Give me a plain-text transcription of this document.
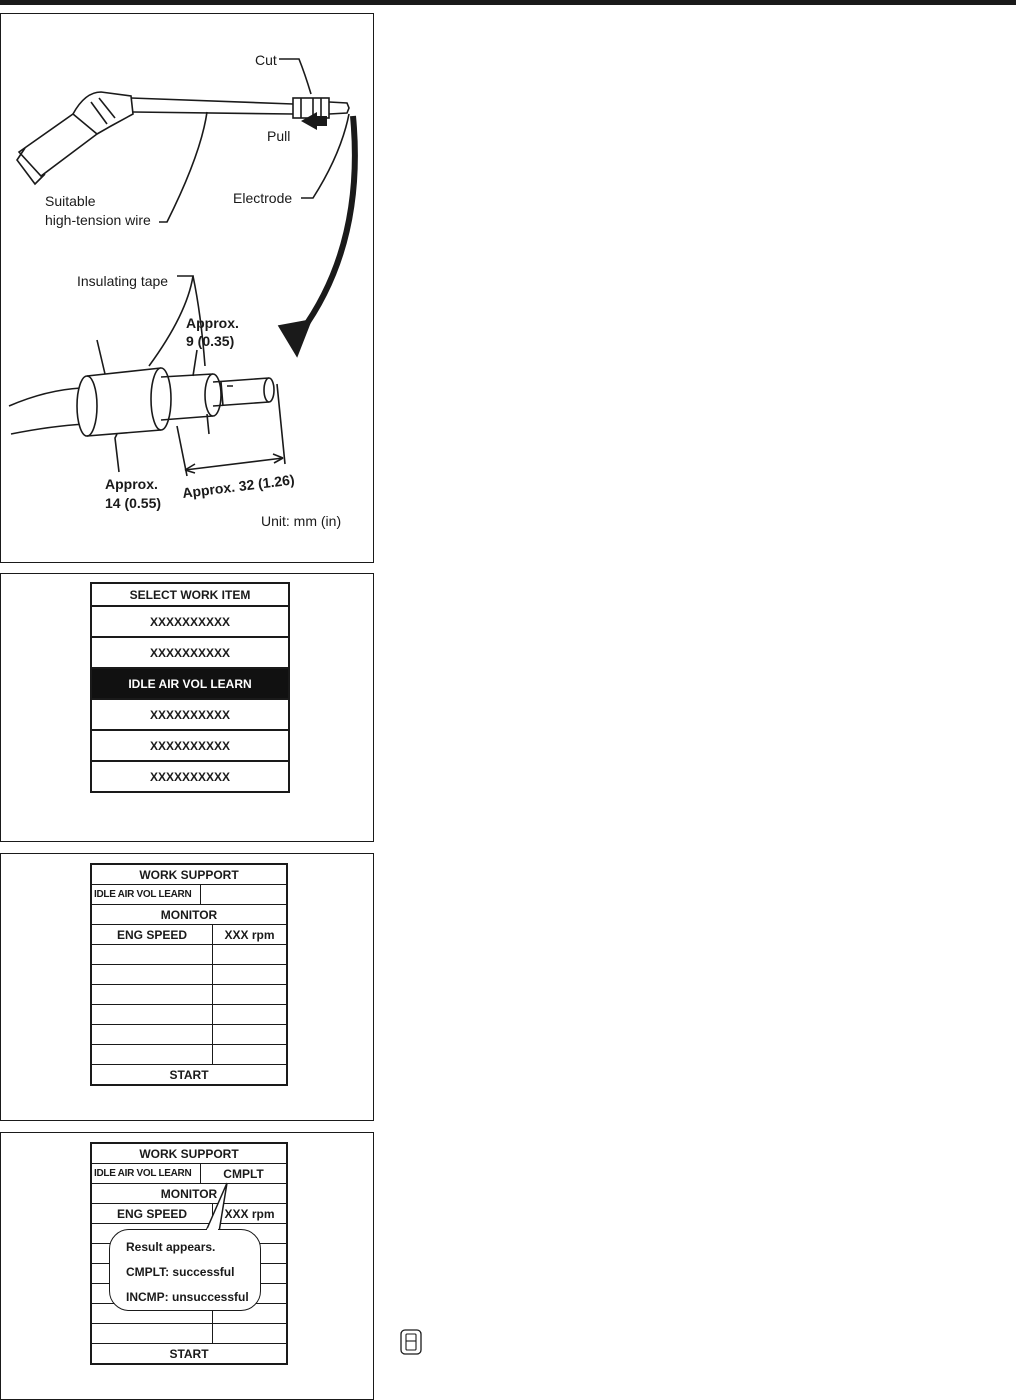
Cut
Pull
Suitable
high-tension wire
Electrode
Insulating tape
Approx.
9 (0.35)
Approx.
14 (0.55)
Approx. 32 (1.26)
Unit: mm (in)
SELECT WORK ITEM
XXXXXXXXXX
XXXXXXXXXX
IDLE AIR VOL LEARN
XXXXXXXXXX
XXXXXXXXXX
XXXXXXXXXX
WORK SUPPORT
IDLE AIR VOL LEARN
MONITOR
ENG SPEED	XXX rpm
START
WORK SUPPORT
IDLE AIR VOL LEARN	CMPLT
MONITOR
ENG SPEED	XXX rpm
START
Result appears.
CMPLT: successful
INCMP: unsuccessful
